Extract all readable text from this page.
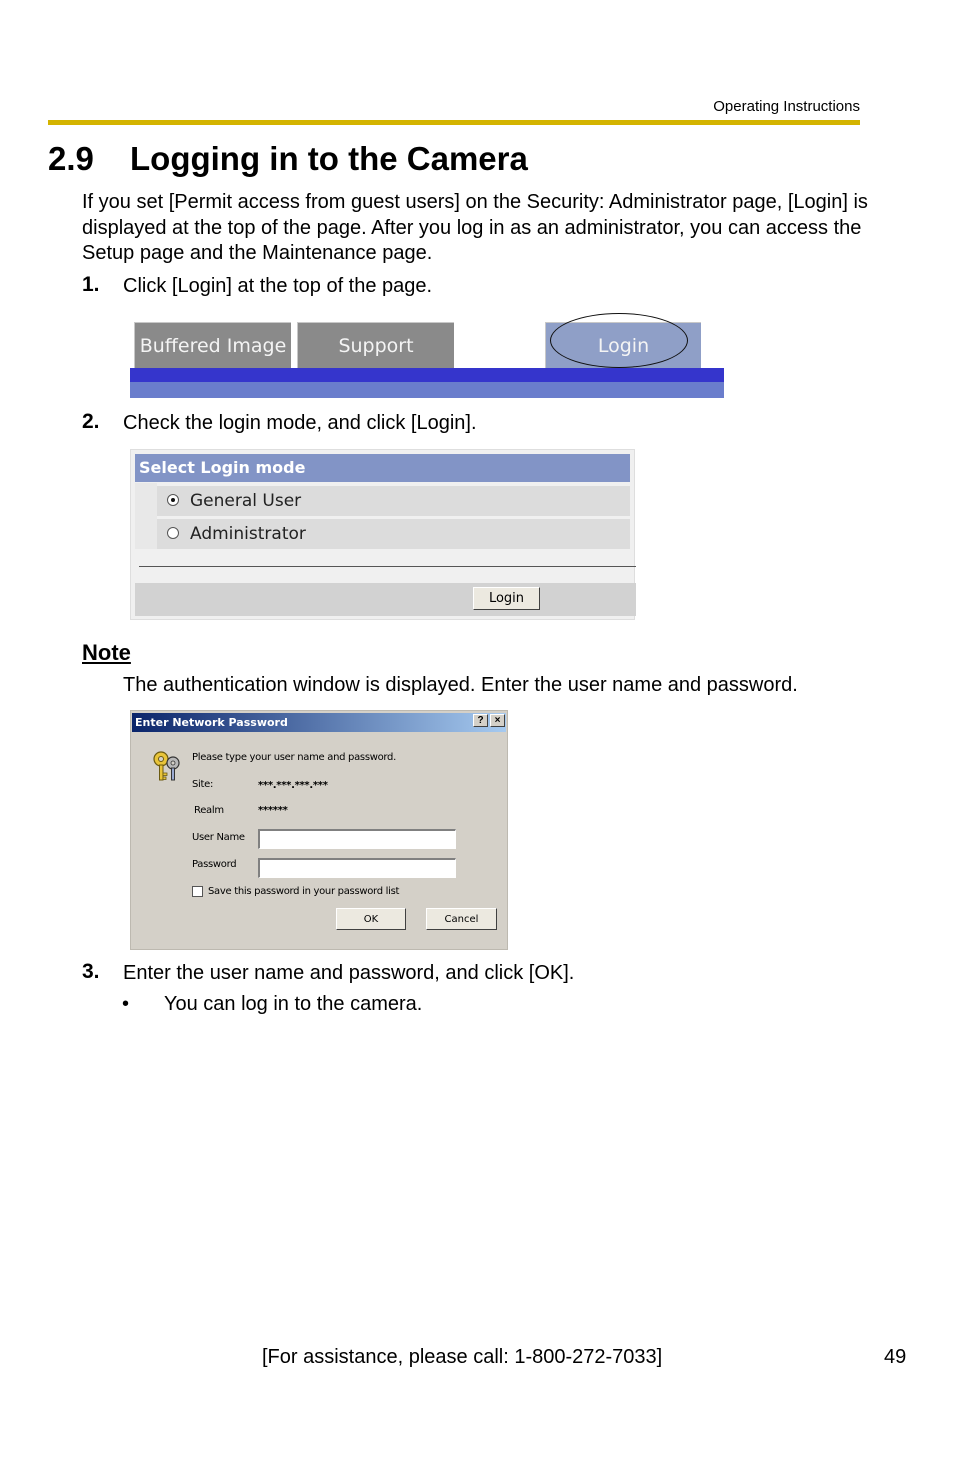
Operating Instructions
2.9 Logging in to the Camera
If you set [Permit access from guest users] on the Security: Administrator page, [Login] is displayed at the top of the page. After you log in as an administrator, you can access the Setup page and the Maintenance page.
1. Click [Login] at the top of the page.
Buffered Image	Support	Login
2. Check the login mode, and click [Login].
Select Login mode
General User
Administrator
Login
Note
The authentication window is displayed. Enter the user name and password.
Enter Network Password	?	×
Please type your user name and password.
Site:	***.***.***.***
Realm	******
User Name
Password
Save this password in your password list
OK	Cancel
3. Enter the user name and password, and click [OK].
• You can log in to the camera.
[For assistance, please call: 1-800-272-7033]	49
